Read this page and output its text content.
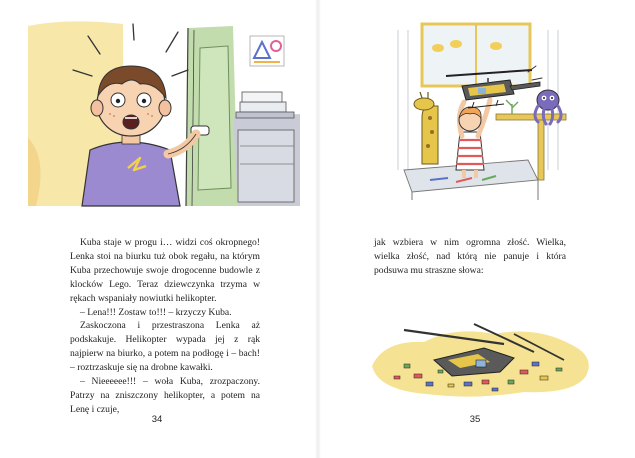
Kuba staje w progu i… widzi coś okropnego! Lenka stoi na biurku tuż obok regału, na którym Kuba przechowuje swoje drogocenne budowle z klocków Lego. Teraz dziewczynka trzyma w rękach wspaniały nowiutki helikopter.

– Lena!!! Zostaw to!!! – krzyczy Kuba.

Zaskoczona i przestraszona Lenka aż podskakuje. Helikopter wypada jej z rąk najpierw na biurko, a potem na podłogę i – bach! – roztrzaskuje się na drobne kawałki.

– Nieeeeee!!! – woła Kuba, zrozpaczony. Patrzy na zniszczony helikopter, a potem na Lenę i czuje,

34

jak wzbiera w nim ogromna złość. Wielka, wielka złość, nad którą nie panuje i która podsuwa mu straszne słowa:

35
